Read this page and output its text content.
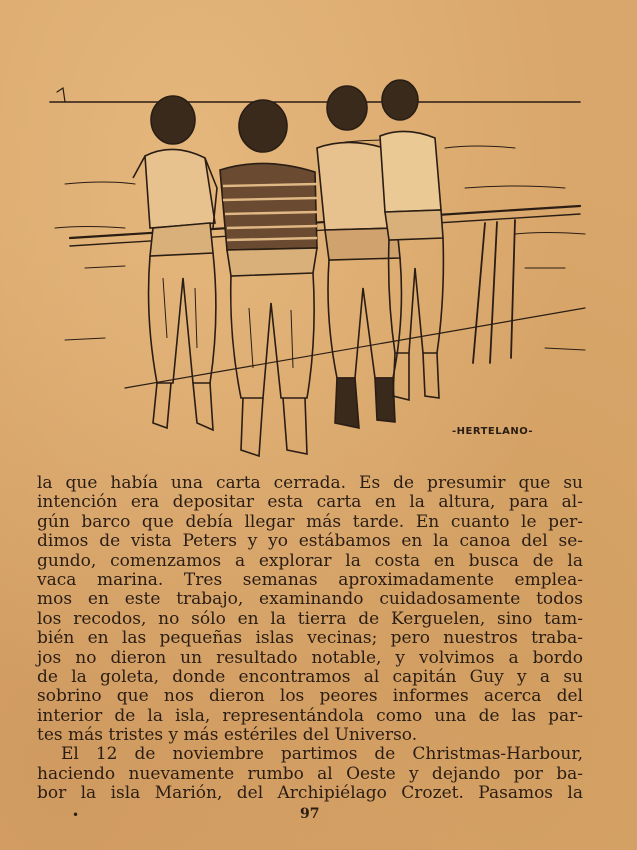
-HERTELANO-
la que había una carta cerrada. Es de presumir que su
intención era depositar esta carta en la altura, para al-
gún barco que debía llegar más tarde. En cuanto le per-
dimos de vista Peters y yo estábamos en la canoa del se-
gundo, comenzamos a explorar la costa en busca de la
vaca marina. Tres semanas aproximadamente emplea-
mos en este trabajo, examinando cuidadosamente todos
los recodos, no sólo en la tierra de Kerguelen, sino tam-
bién en las pequeñas islas vecinas; pero nuestros traba-
jos no dieron un resultado notable, y volvimos a bordo
de la goleta, donde encontramos al capitán Guy y a su
sobrino que nos dieron los peores informes acerca del
interior de la isla, representándola como una de las par-
tes más tristes y más estériles del Universo.
El 12 de noviembre partimos de Christmas-Harbour,
haciendo nuevamente rumbo al Oeste y dejando por ba-
bor la isla Marión, del Archipiélago Crozet. Pasamos la
•	97
